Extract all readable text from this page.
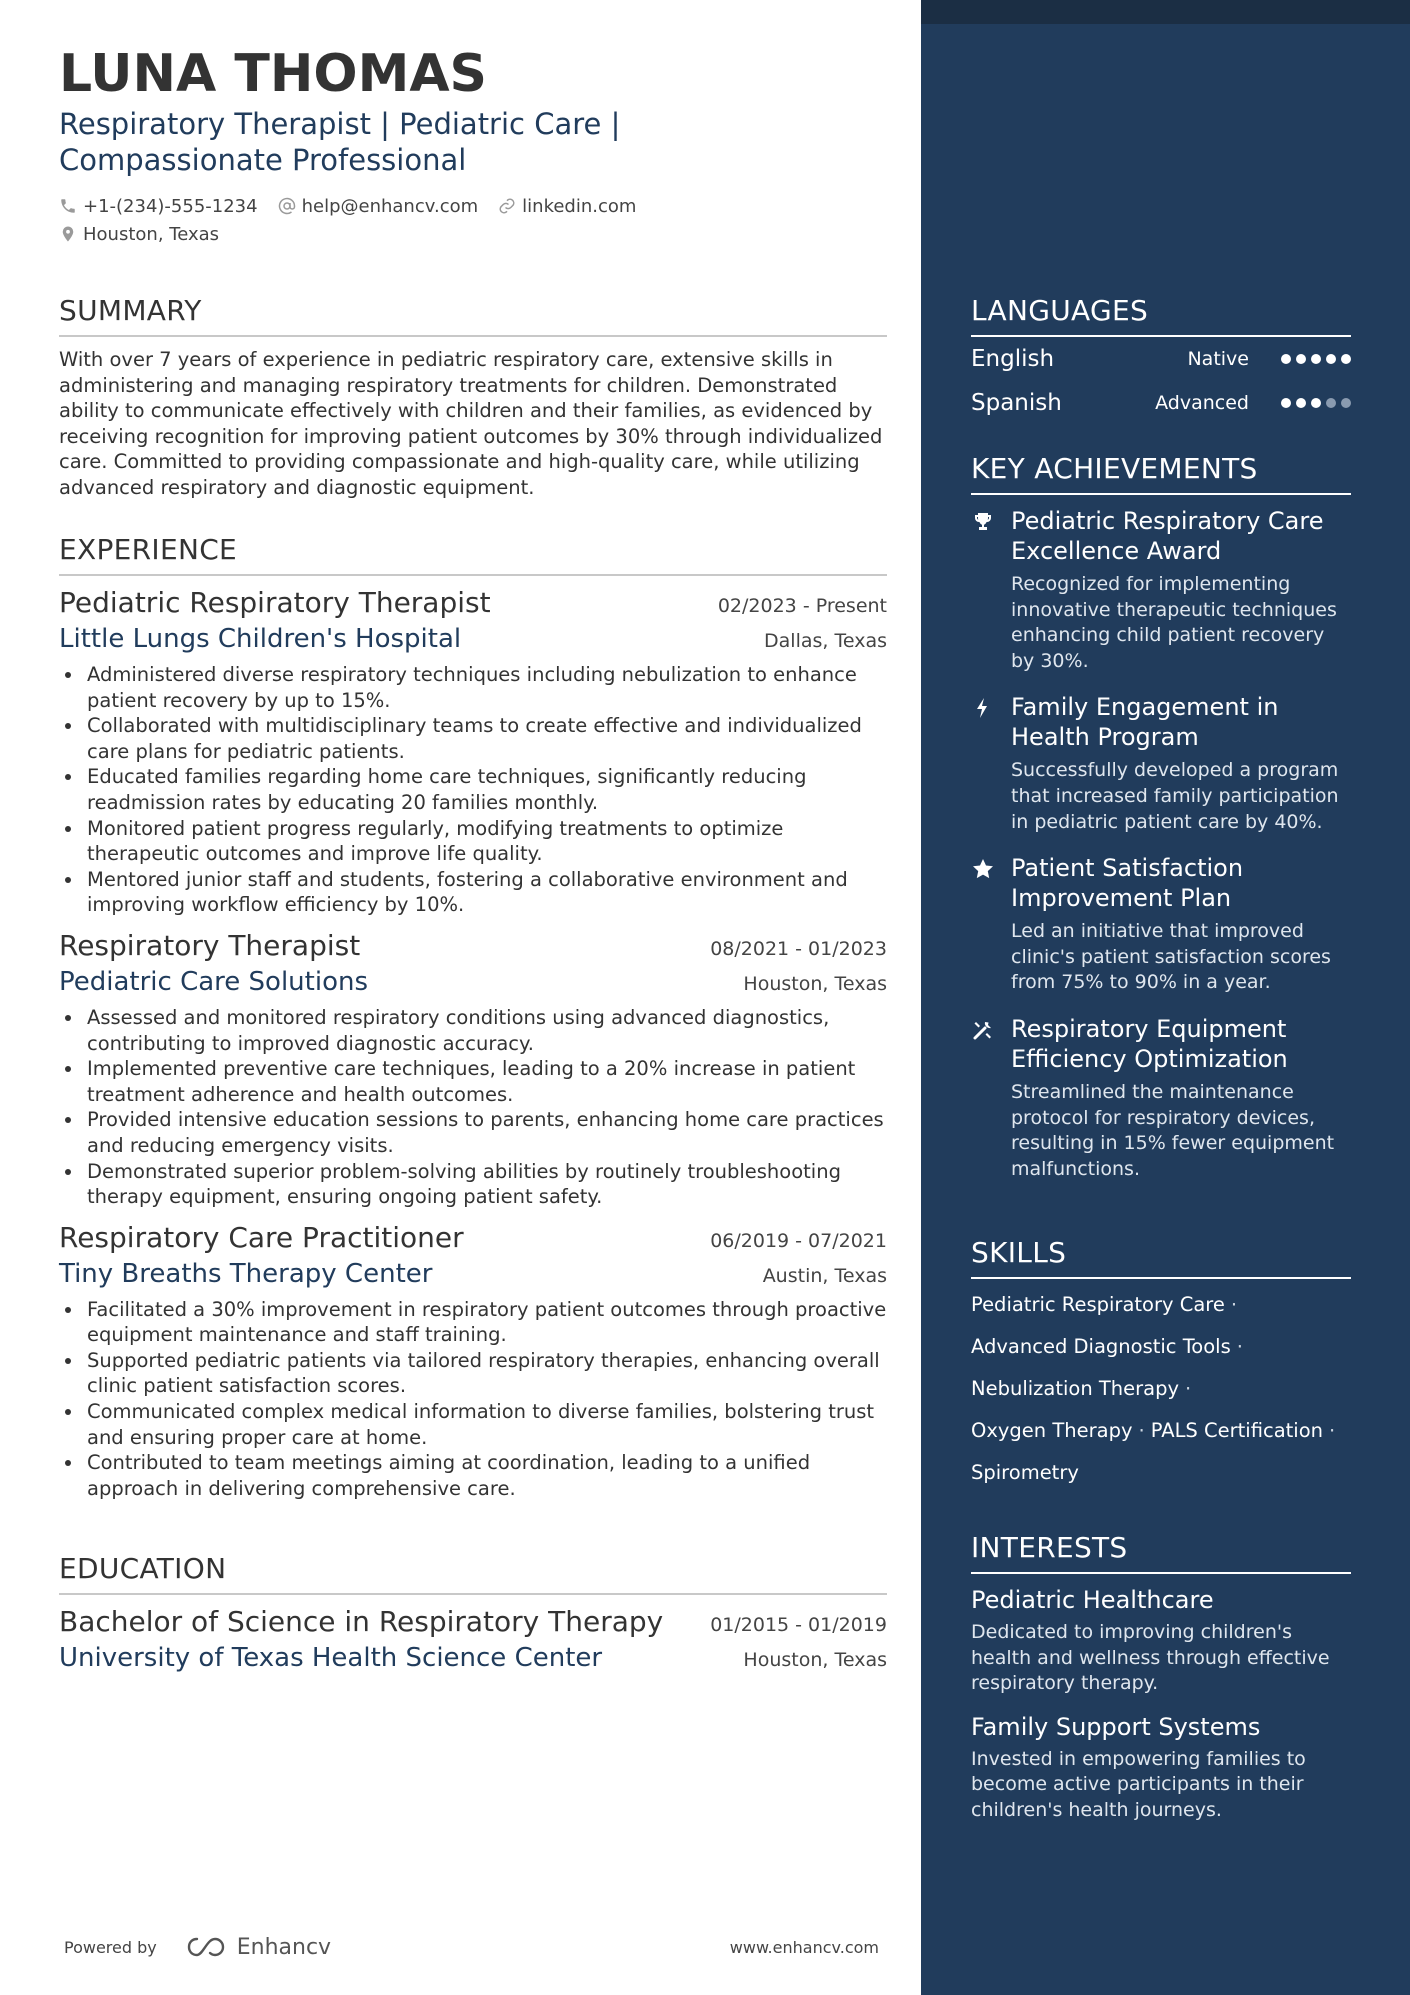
LUNA THOMAS
Respiratory Therapist | Pediatric Care | Compassionate Professional
+1-(234)-555-1234 help@enhancv.com linkedin.com
Houston, Texas
SUMMARY

With over 7 years of experience in pediatric respiratory care, extensive skills in administering and managing respiratory treatments for children. Demonstrated ability to communicate effectively with children and their families, as evidenced by receiving recognition for improving patient outcomes by 30% through individualized care. Committed to providing compassionate and high-quality care, while utilizing advanced respiratory and diagnostic equipment.

EXPERIENCE
Pediatric Respiratory Therapist	02/2023 - Present
Little Lungs Children's Hospital	Dallas, Texas
Administered diverse respiratory techniques including nebulization to enhance patient recovery by up to 15%.
Collaborated with multidisciplinary teams to create effective and individualized care plans for pediatric patients.
Educated families regarding home care techniques, significantly reducing readmission rates by educating 20 families monthly.
Monitored patient progress regularly, modifying treatments to optimize therapeutic outcomes and improve life quality.
Mentored junior staff and students, fostering a collaborative environment and improving workflow efficiency by 10%.
Respiratory Therapist	08/2021 - 01/2023
Pediatric Care Solutions	Houston, Texas
Assessed and monitored respiratory conditions using advanced diagnostics, contributing to improved diagnostic accuracy.
Implemented preventive care techniques, leading to a 20% increase in patient treatment adherence and health outcomes.
Provided intensive education sessions to parents, enhancing home care practices and reducing emergency visits.
Demonstrated superior problem-solving abilities by routinely troubleshooting therapy equipment, ensuring ongoing patient safety.
Respiratory Care Practitioner	06/2019 - 07/2021
Tiny Breaths Therapy Center	Austin, Texas
Facilitated a 30% improvement in respiratory patient outcomes through proactive equipment maintenance and staff training.
Supported pediatric patients via tailored respiratory therapies, enhancing overall clinic patient satisfaction scores.
Communicated complex medical information to diverse families, bolstering trust and ensuring proper care at home.
Contributed to team meetings aiming at coordination, leading to a unified approach in delivering comprehensive care.
EDUCATION
Bachelor of Science in Respiratory Therapy 01/2015 - 01/2019
University of Texas Health Science Center	Houston, Texas
Powered by	Enhancv	www.enhancv.com
LANGUAGES
English	Native
Spanish	Advanced
KEY ACHIEVEMENTS
Pediatric Respiratory Care Excellence Award
Recognized for implementing innovative therapeutic techniques enhancing child patient recovery by 30%.
Family Engagement in Health Program
Successfully developed a program that increased family participation in pediatric patient care by 40%.
Patient Satisfaction Improvement Plan
Led an initiative that improved clinic's patient satisfaction scores from 75% to 90% in a year.
Respiratory Equipment Efficiency Optimization
Streamlined the maintenance protocol for respiratory devices, resulting in 15% fewer equipment malfunctions.
SKILLS
Pediatric Respiratory Care ·
Advanced Diagnostic Tools ·
Nebulization Therapy ·
Oxygen Therapy · PALS Certification ·
Spirometry
INTERESTS
Pediatric Healthcare
Dedicated to improving children's health and wellness through effective respiratory therapy.
Family Support Systems
Invested in empowering families to become active participants in their children's health journeys.
